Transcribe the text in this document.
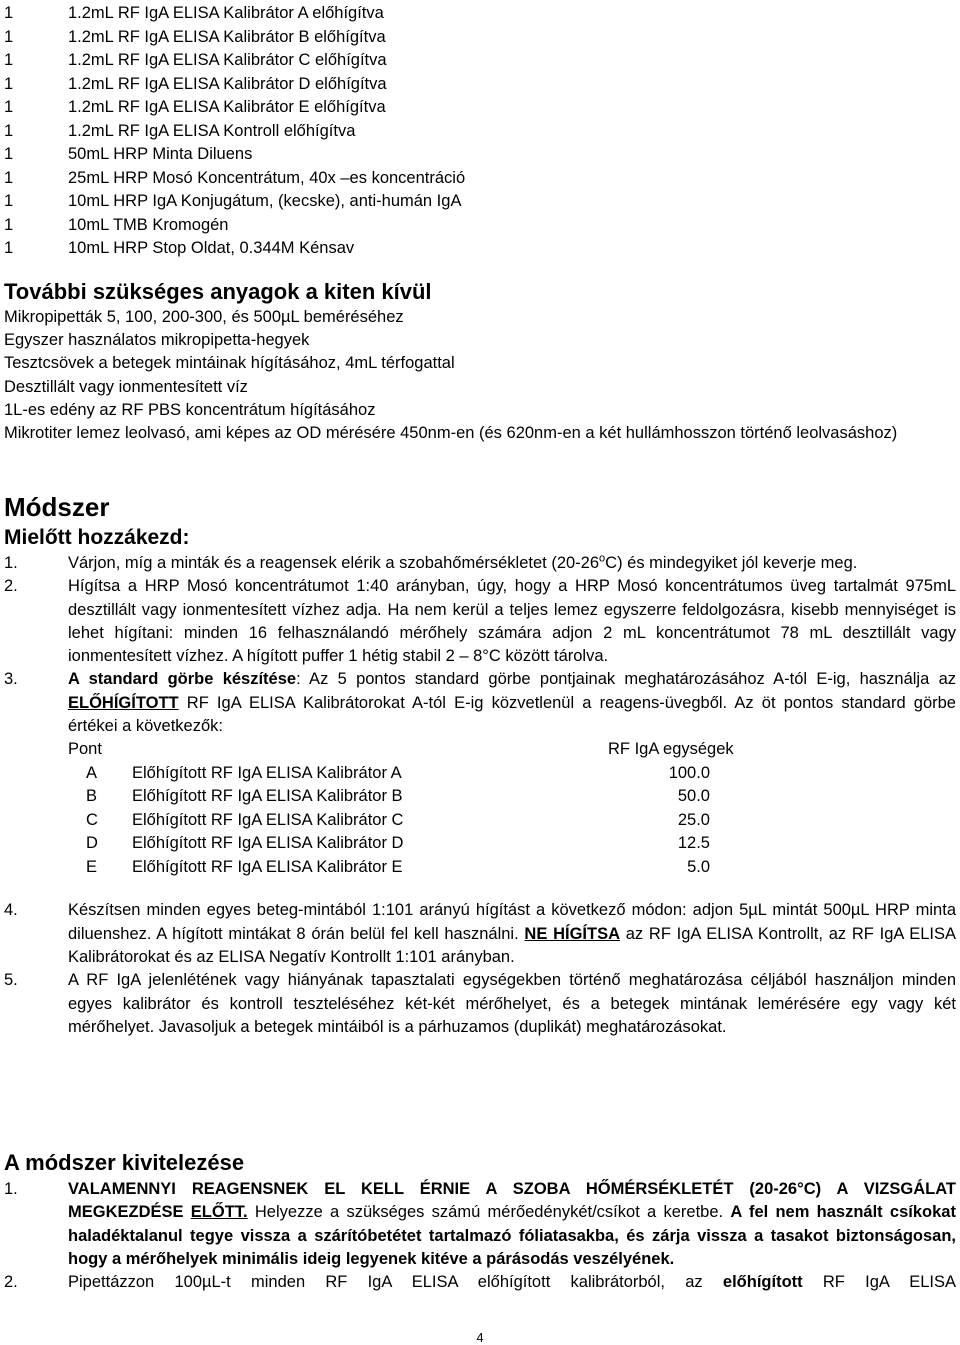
1	1.2mL RF IgA ELISA Kalibrátor A előhígítva
1	1.2mL RF IgA ELISA Kalibrátor B előhígítva
1	1.2mL RF IgA ELISA Kalibrátor C előhígítva
1	1.2mL RF IgA ELISA Kalibrátor D előhígítva
1	1.2mL RF IgA ELISA Kalibrátor E előhígítva
1	1.2mL RF IgA ELISA Kontroll előhígítva
1	50mL HRP Minta Diluens
1	25mL HRP Mosó Koncentrátum, 40x –es koncentráció
1	10mL HRP IgA Konjugátum, (kecske), anti-humán IgA
1	10mL TMB Kromogén
1	10mL HRP Stop Oldat, 0.344M Kénsav
További szükséges anyagok a kiten kívül
Mikropipetták 5, 100, 200-300, és 500µL beméréséhez
Egyszer használatos mikropipetta-hegyek
Tesztcsövek a betegek mintáinak hígításához, 4mL térfogattal
Desztillált vagy ionmentesített víz
1L-es edény az RF PBS koncentrátum hígításához
Mikrotiter lemez leolvasó, ami képes az OD mérésére 450nm-en (és 620nm-en a két hullámhosszon történő leolvasáshoz)
Módszer
Mielőtt hozzákezd:
1.	Várjon, míg a minták és a reagensek elérik a szobahőmérsékletet (20-26$^o$C) és mindegyiket jól keverje meg.
2.	Hígítsa a HRP Mosó koncentrátumot 1:40 arányban, úgy, hogy a HRP Mosó koncentrátumos üveg tartalmát 975mL desztillált vagy ionmentesített vízhez adja. Ha nem kerül a teljes lemez egyszerre feldolgozásra, kisebb mennyiséget is lehet hígítani: minden 16 felhasználandó mérőhely számára adjon 2 mL koncentrátumot 78 mL desztillált vagy ionmentesített vízhez. A hígított puffer 1 hétig stabil 2 – 8°C között tárolva.
3.	A standard görbe készítése: Az 5 pontos standard görbe pontjainak meghatározásához A-tól E-ig, használja az ELŐHÍGÍTOTT RF IgA ELISA Kalibrátorokat A-tól E-ig közvetlenül a reagens-üvegből. Az öt pontos standard görbe értékei a következők:
Pont	RF IgA egységek
A	Előhígított RF IgA ELISA Kalibrátor A	100.0
B	Előhígított RF IgA ELISA Kalibrátor B	50.0
C	Előhígított RF IgA ELISA Kalibrátor C	25.0
D	Előhígított RF IgA ELISA Kalibrátor D	12.5
E	Előhígított RF IgA ELISA Kalibrátor E	5.0
4.	Készítsen minden egyes beteg-mintából 1:101 arányú hígítást a következő módon: adjon 5µL mintát 500µL HRP minta diluenshez. A hígított mintákat 8 órán belül fel kell használni. NE HÍGÍTSA az RF IgA ELISA Kontrollt, az RF IgA ELISA Kalibrátorokat és az ELISA Negatív Kontrollt 1:101 arányban.
5.	A RF IgA jelenlétének vagy hiányának tapasztalati egységekben történő meghatározása céljából használjon minden egyes kalibrátor és kontroll teszteléséhez két-két mérőhelyet, és a betegek mintának lemérésére egy vagy két mérőhelyet. Javasoljuk a betegek mintáiból is a párhuzamos (duplikát) meghatározásokat.
A módszer kivitelezése
1.	VALAMENNYI REAGENSNEK EL KELL ÉRNIE A SZOBA HŐMÉRSÉKLETÉT (20-26°C) A VIZSGÁLAT MEGKEZDÉSE ELŐTT. Helyezze a szükséges számú mérőedénykét/csíkot a keretbe. A fel nem használt csíkokat haladéktalanul tegye vissza a szárítóbetétet tartalmazó fóliatasakba, és zárja vissza a tasakot biztonságosan, hogy a mérőhelyek minimális ideig legyenek kitéve a párásodás veszélyének.
2.	Pipettázzon 100µL-t minden RF IgA ELISA előhígított kalibrátorból, az előhígított RF IgA ELISA
4
